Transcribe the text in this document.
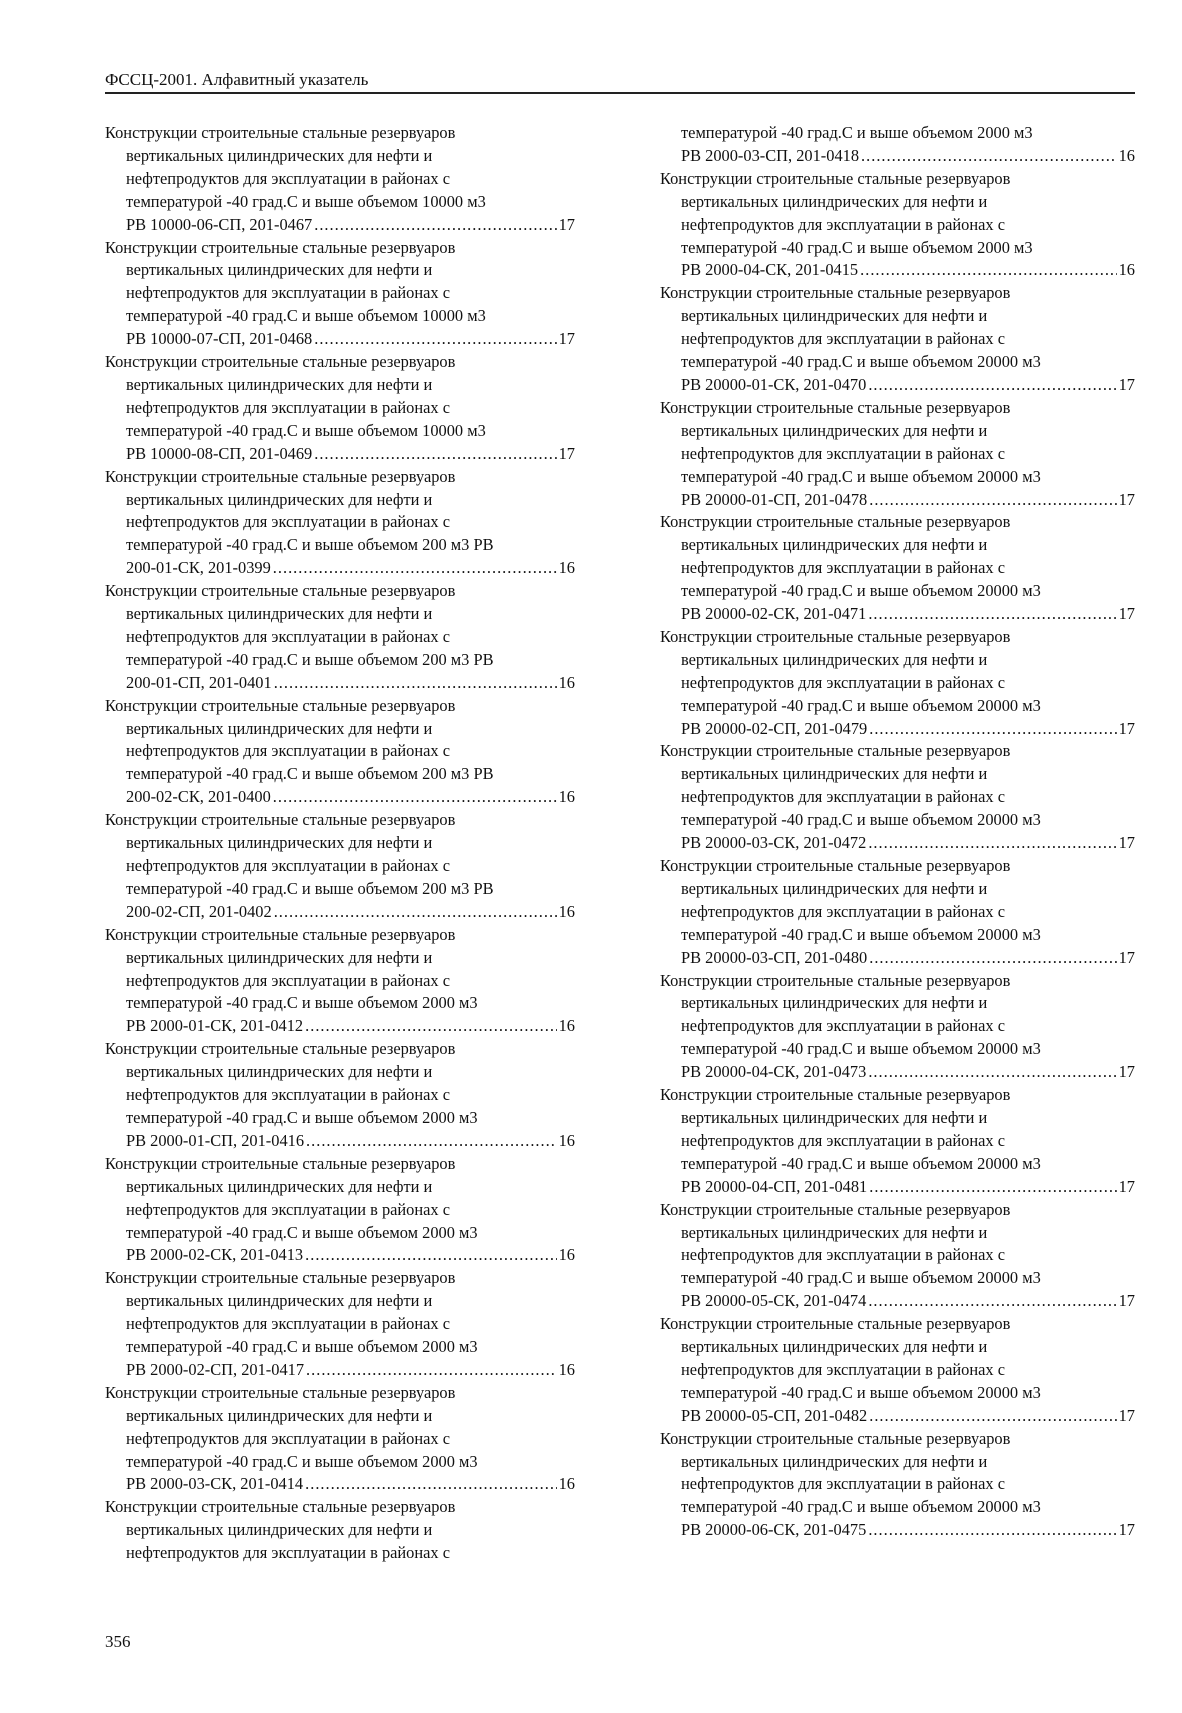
ФССЦ-2001. Алфавитный указатель
Конструкции строительные стальные резервуаров
вертикальных цилиндрических для нефти и
нефтепродуктов для эксплуатации в районах с
температурой -40 град.С и выше объемом 10000 м3
РВ 10000-06-СП, 201-0467 .....	17
Конструкции строительные стальные резервуаров
вертикальных цилиндрических для нефти и
нефтепродуктов для эксплуатации в районах с
температурой -40 град.С и выше объемом 10000 м3
РВ 10000-07-СП, 201-0468 .....	17
Конструкции строительные стальные резервуаров
вертикальных цилиндрических для нефти и
нефтепродуктов для эксплуатации в районах с
температурой -40 град.С и выше объемом 10000 м3
РВ 10000-08-СП, 201-0469 .....	17
Конструкции строительные стальные резервуаров
вертикальных цилиндрических для нефти и
нефтепродуктов для эксплуатации в районах с
температурой -40 град.С и выше объемом 200 м3 РВ
200-01-СК, 201-0399 .....	16
Конструкции строительные стальные резервуаров
вертикальных цилиндрических для нефти и
нефтепродуктов для эксплуатации в районах с
температурой -40 град.С и выше объемом 200 м3 РВ
200-01-СП, 201-0401 .....	16
Конструкции строительные стальные резервуаров
вертикальных цилиндрических для нефти и
нефтепродуктов для эксплуатации в районах с
температурой -40 град.С и выше объемом 200 м3 РВ
200-02-СК, 201-0400 .....	16
Конструкции строительные стальные резервуаров
вертикальных цилиндрических для нефти и
нефтепродуктов для эксплуатации в районах с
температурой -40 град.С и выше объемом 200 м3 РВ
200-02-СП, 201-0402 .....	16
Конструкции строительные стальные резервуаров
вертикальных цилиндрических для нефти и
нефтепродуктов для эксплуатации в районах с
температурой -40 град.С и выше объемом 2000 м3
РВ 2000-01-СК, 201-0412 .....	16
Конструкции строительные стальные резервуаров
вертикальных цилиндрических для нефти и
нефтепродуктов для эксплуатации в районах с
температурой -40 град.С и выше объемом 2000 м3
РВ 2000-01-СП, 201-0416 .....	16
Конструкции строительные стальные резервуаров
вертикальных цилиндрических для нефти и
нефтепродуктов для эксплуатации в районах с
температурой -40 град.С и выше объемом 2000 м3
РВ 2000-02-СК, 201-0413 .....	16
Конструкции строительные стальные резервуаров
вертикальных цилиндрических для нефти и
нефтепродуктов для эксплуатации в районах с
температурой -40 град.С и выше объемом 2000 м3
РВ 2000-02-СП, 201-0417 .....	16
Конструкции строительные стальные резервуаров
вертикальных цилиндрических для нефти и
нефтепродуктов для эксплуатации в районах с
температурой -40 град.С и выше объемом 2000 м3
РВ 2000-03-СК, 201-0414 .....	16
Конструкции строительные стальные резервуаров
вертикальных цилиндрических для нефти и
нефтепродуктов для эксплуатации в районах с
температурой -40 град.С и выше объемом 2000 м3
РВ 2000-03-СП, 201-0418 .....	16
Конструкции строительные стальные резервуаров
вертикальных цилиндрических для нефти и
нефтепродуктов для эксплуатации в районах с
температурой -40 град.С и выше объемом 2000 м3
РВ 2000-04-СК, 201-0415 .....	16
Конструкции строительные стальные резервуаров
вертикальных цилиндрических для нефти и
нефтепродуктов для эксплуатации в районах с
температурой -40 град.С и выше объемом 20000 м3
РВ 20000-01-СК, 201-0470 .....	17
Конструкции строительные стальные резервуаров
вертикальных цилиндрических для нефти и
нефтепродуктов для эксплуатации в районах с
температурой -40 град.С и выше объемом 20000 м3
РВ 20000-01-СП, 201-0478 .....	17
Конструкции строительные стальные резервуаров
вертикальных цилиндрических для нефти и
нефтепродуктов для эксплуатации в районах с
температурой -40 град.С и выше объемом 20000 м3
РВ 20000-02-СК, 201-0471 .....	17
Конструкции строительные стальные резервуаров
вертикальных цилиндрических для нефти и
нефтепродуктов для эксплуатации в районах с
температурой -40 град.С и выше объемом 20000 м3
РВ 20000-02-СП, 201-0479 .....	17
Конструкции строительные стальные резервуаров
вертикальных цилиндрических для нефти и
нефтепродуктов для эксплуатации в районах с
температурой -40 град.С и выше объемом 20000 м3
РВ 20000-03-СК, 201-0472 .....	17
Конструкции строительные стальные резервуаров
вертикальных цилиндрических для нефти и
нефтепродуктов для эксплуатации в районах с
температурой -40 град.С и выше объемом 20000 м3
РВ 20000-03-СП, 201-0480 .....	17
Конструкции строительные стальные резервуаров
вертикальных цилиндрических для нефти и
нефтепродуктов для эксплуатации в районах с
температурой -40 град.С и выше объемом 20000 м3
РВ 20000-04-СК, 201-0473 .....	17
Конструкции строительные стальные резервуаров
вертикальных цилиндрических для нефти и
нефтепродуктов для эксплуатации в районах с
температурой -40 град.С и выше объемом 20000 м3
РВ 20000-04-СП, 201-0481 .....	17
Конструкции строительные стальные резервуаров
вертикальных цилиндрических для нефти и
нефтепродуктов для эксплуатации в районах с
температурой -40 град.С и выше объемом 20000 м3
РВ 20000-05-СК, 201-0474 .....	17
Конструкции строительные стальные резервуаров
вертикальных цилиндрических для нефти и
нефтепродуктов для эксплуатации в районах с
температурой -40 град.С и выше объемом 20000 м3
РВ 20000-05-СП, 201-0482 .....	17
Конструкции строительные стальные резервуаров
вертикальных цилиндрических для нефти и
нефтепродуктов для эксплуатации в районах с
температурой -40 град.С и выше объемом 20000 м3
РВ 20000-06-СК, 201-0475 .....	17
356
